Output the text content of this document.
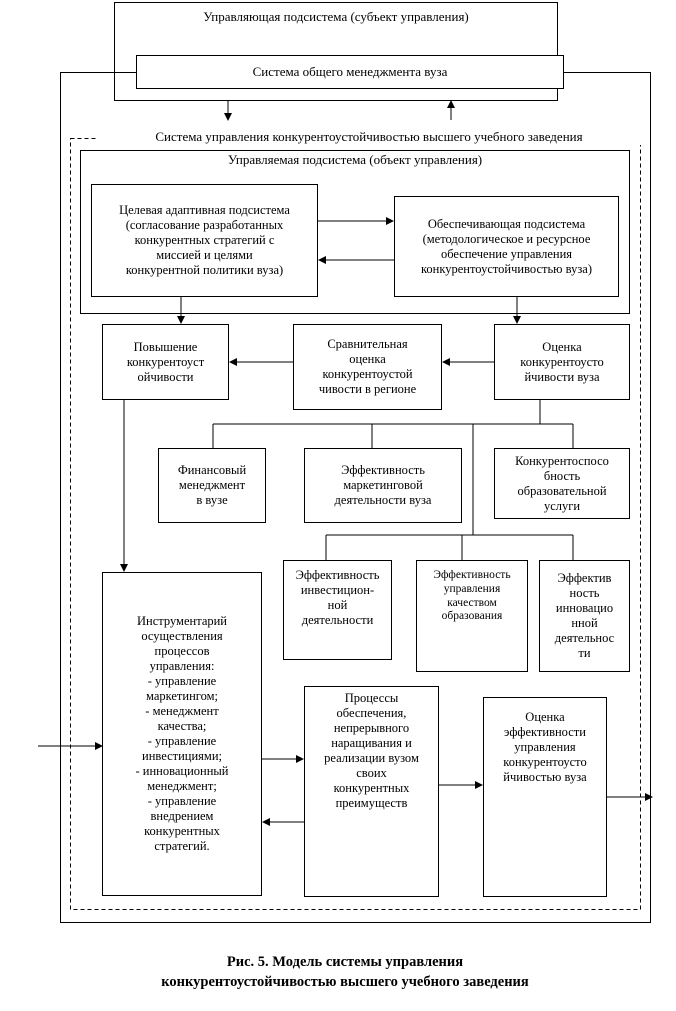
Управляющая подсистема (субъект управления)
Система общего менеджмента вуза
Система управления конкурентоустойчивостью высшего учебного заведения
Управляемая подсистема (объект управления)
Целевая адаптивная подсистема
(согласование разработанных
конкурентных стратегий с
миссией и целями
конкурентной политики вуза)
Обеспечивающая подсистема
(методологическое и ресурсное
обеспечение управления
конкурентоустойчивостью вуза)
Повышение
конкурентоуст
ойчивости
Сравнительная
оценка
конкурентоустой
чивости в регионе
Оценка
конкурентоусто
йчивости вуза
Финансовый
менеджмент
в вузе
Эффективность
маркетинговой
деятельности вуза
Конкурентоспосо
бность
образовательной
услуги
Эффективность
инвестицион-
ной
деятельности
Эффективность
управления
качеством
образования
Эффектив
ность
инновацио
нной
деятельнос
ти
Инструментарий
осуществления
процессов
управления:
- управление
маркетингом;
- менеджмент
качества;
- управление
инвестициями;
- инновационный
менеджмент;
- управление
внедрением
конкурентных
стратегий.
Процессы
обеспечения,
непрерывного
наращивания и
реализации вузом
своих
конкурентных
преимуществ
Оценка
эффективности
управления
конкурентоусто
йчивостью вуза
Рис. 5. Модель системы управления
конкурентоустойчивостью высшего учебного заведения
